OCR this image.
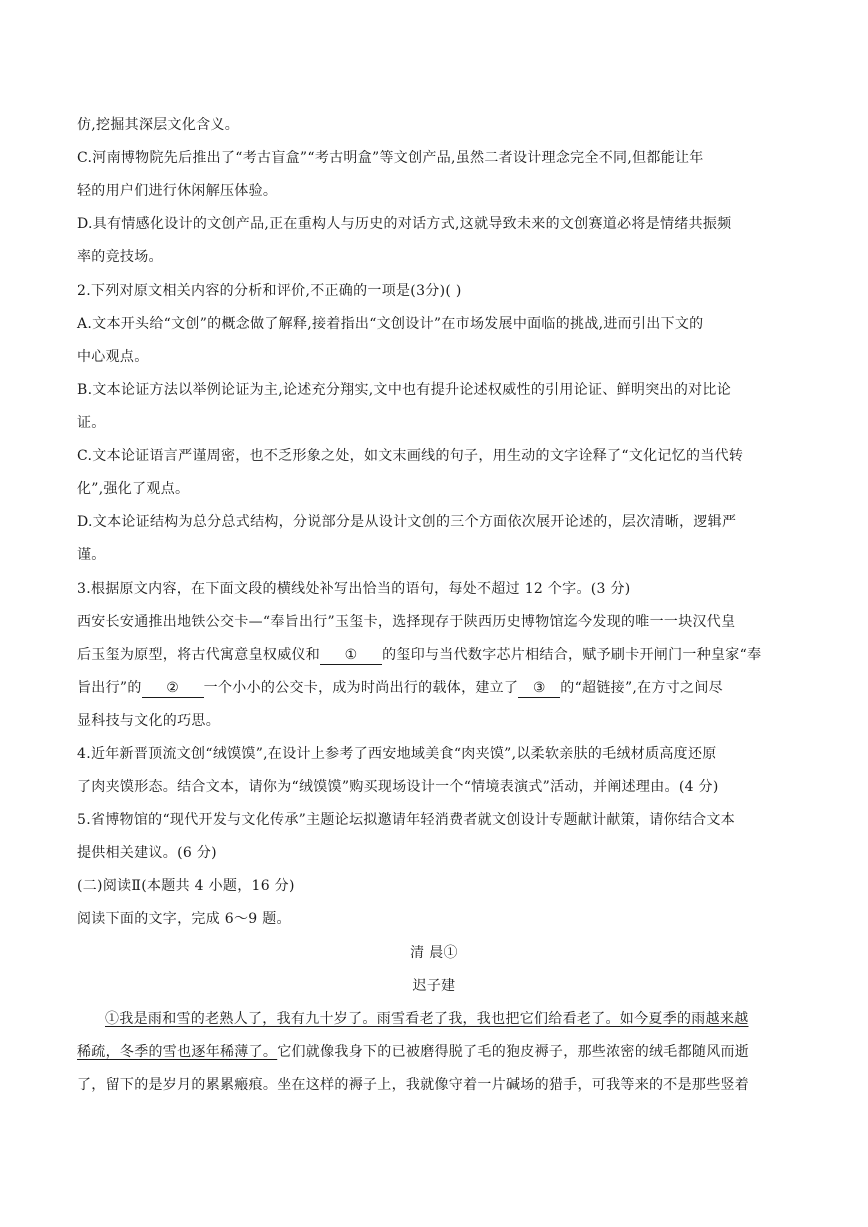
仿,挖掘其深层文化含义。
C.河南博物院先后推出了“考古盲盒”“考古明盒”等文创产品,虽然二者设计理念完全不同,但都能让年
轻的用户们进行休闲解压体验。
D.具有情感化设计的文创产品,正在重构人与历史的对话方式,这就导致未来的文创赛道必将是情绪共振频
率的竞技场。
2.下列对原文相关内容的分析和评价,不正确的一项是(3分)( )
A.文本开头给“文创”的概念做了解释,接着指出“文创设计”在市场发展中面临的挑战,进而引出下文的
中心观点。
B.文本论证方法以举例论证为主,论述充分翔实,文中也有提升论述权威性的引用论证、鲜明突出的对比论
证。
C.文本论证语言严谨周密，也不乏形象之处，如文末画线的句子，用生动的文字诠释了“文化记忆的当代转
化”,强化了观点。
D.文本论证结构为总分总式结构，分说部分是从设计文创的三个方面依次展开论述的，层次清晰，逻辑严
谨。
3.根据原文内容，在下面文段的横线处补写出恰当的语句，每处不超过 12 个字。(3 分)
西安长安通推出地铁公交卡—“奉旨出行”玉玺卡，选择现存于陕西历史博物馆迄今发现的唯一一块汉代皇
后玉玺为原型，将古代寓意皇权威仪和 ① 的玺印与当代数字芯片相结合，赋予刷卡开闸门一种皇家“奉
旨出行”的 ② 一个小小的公交卡，成为时尚出行的载体，建立了 ③ 的“超链接”,在方寸之间尽
显科技与文化的巧思。
4.近年新晋顶流文创“绒馍馍”,在设计上参考了西安地域美食“肉夹馍”,以柔软亲肤的毛绒材质高度还原
了肉夹馍形态。结合文本，请你为“绒馍馍”购买现场设计一个“情境表演式”活动，并阐述理由。(4 分)
5.省博物馆的“现代开发与文化传承”主题论坛拟邀请年轻消费者就文创设计专题献计献策，请你结合文本
提供相关建议。(6 分)
(二)阅读Ⅱ(本题共 4 小题，16 分)
阅读下面的文字，完成 6～9 题。
清 晨①
迟子建
①我是雨和雪的老熟人了，我有九十岁了。雨雪看老了我，我也把它们给看老了。如今夏季的雨越来越
稀疏，冬季的雪也逐年稀薄了。它们就像我身下的已被磨得脱了毛的狍皮褥子，那些浓密的绒毛都随风而逝
了，留下的是岁月的累累瘢痕。坐在这样的褥子上，我就像守着一片碱场的猎手，可我等来的不是那些竖着
